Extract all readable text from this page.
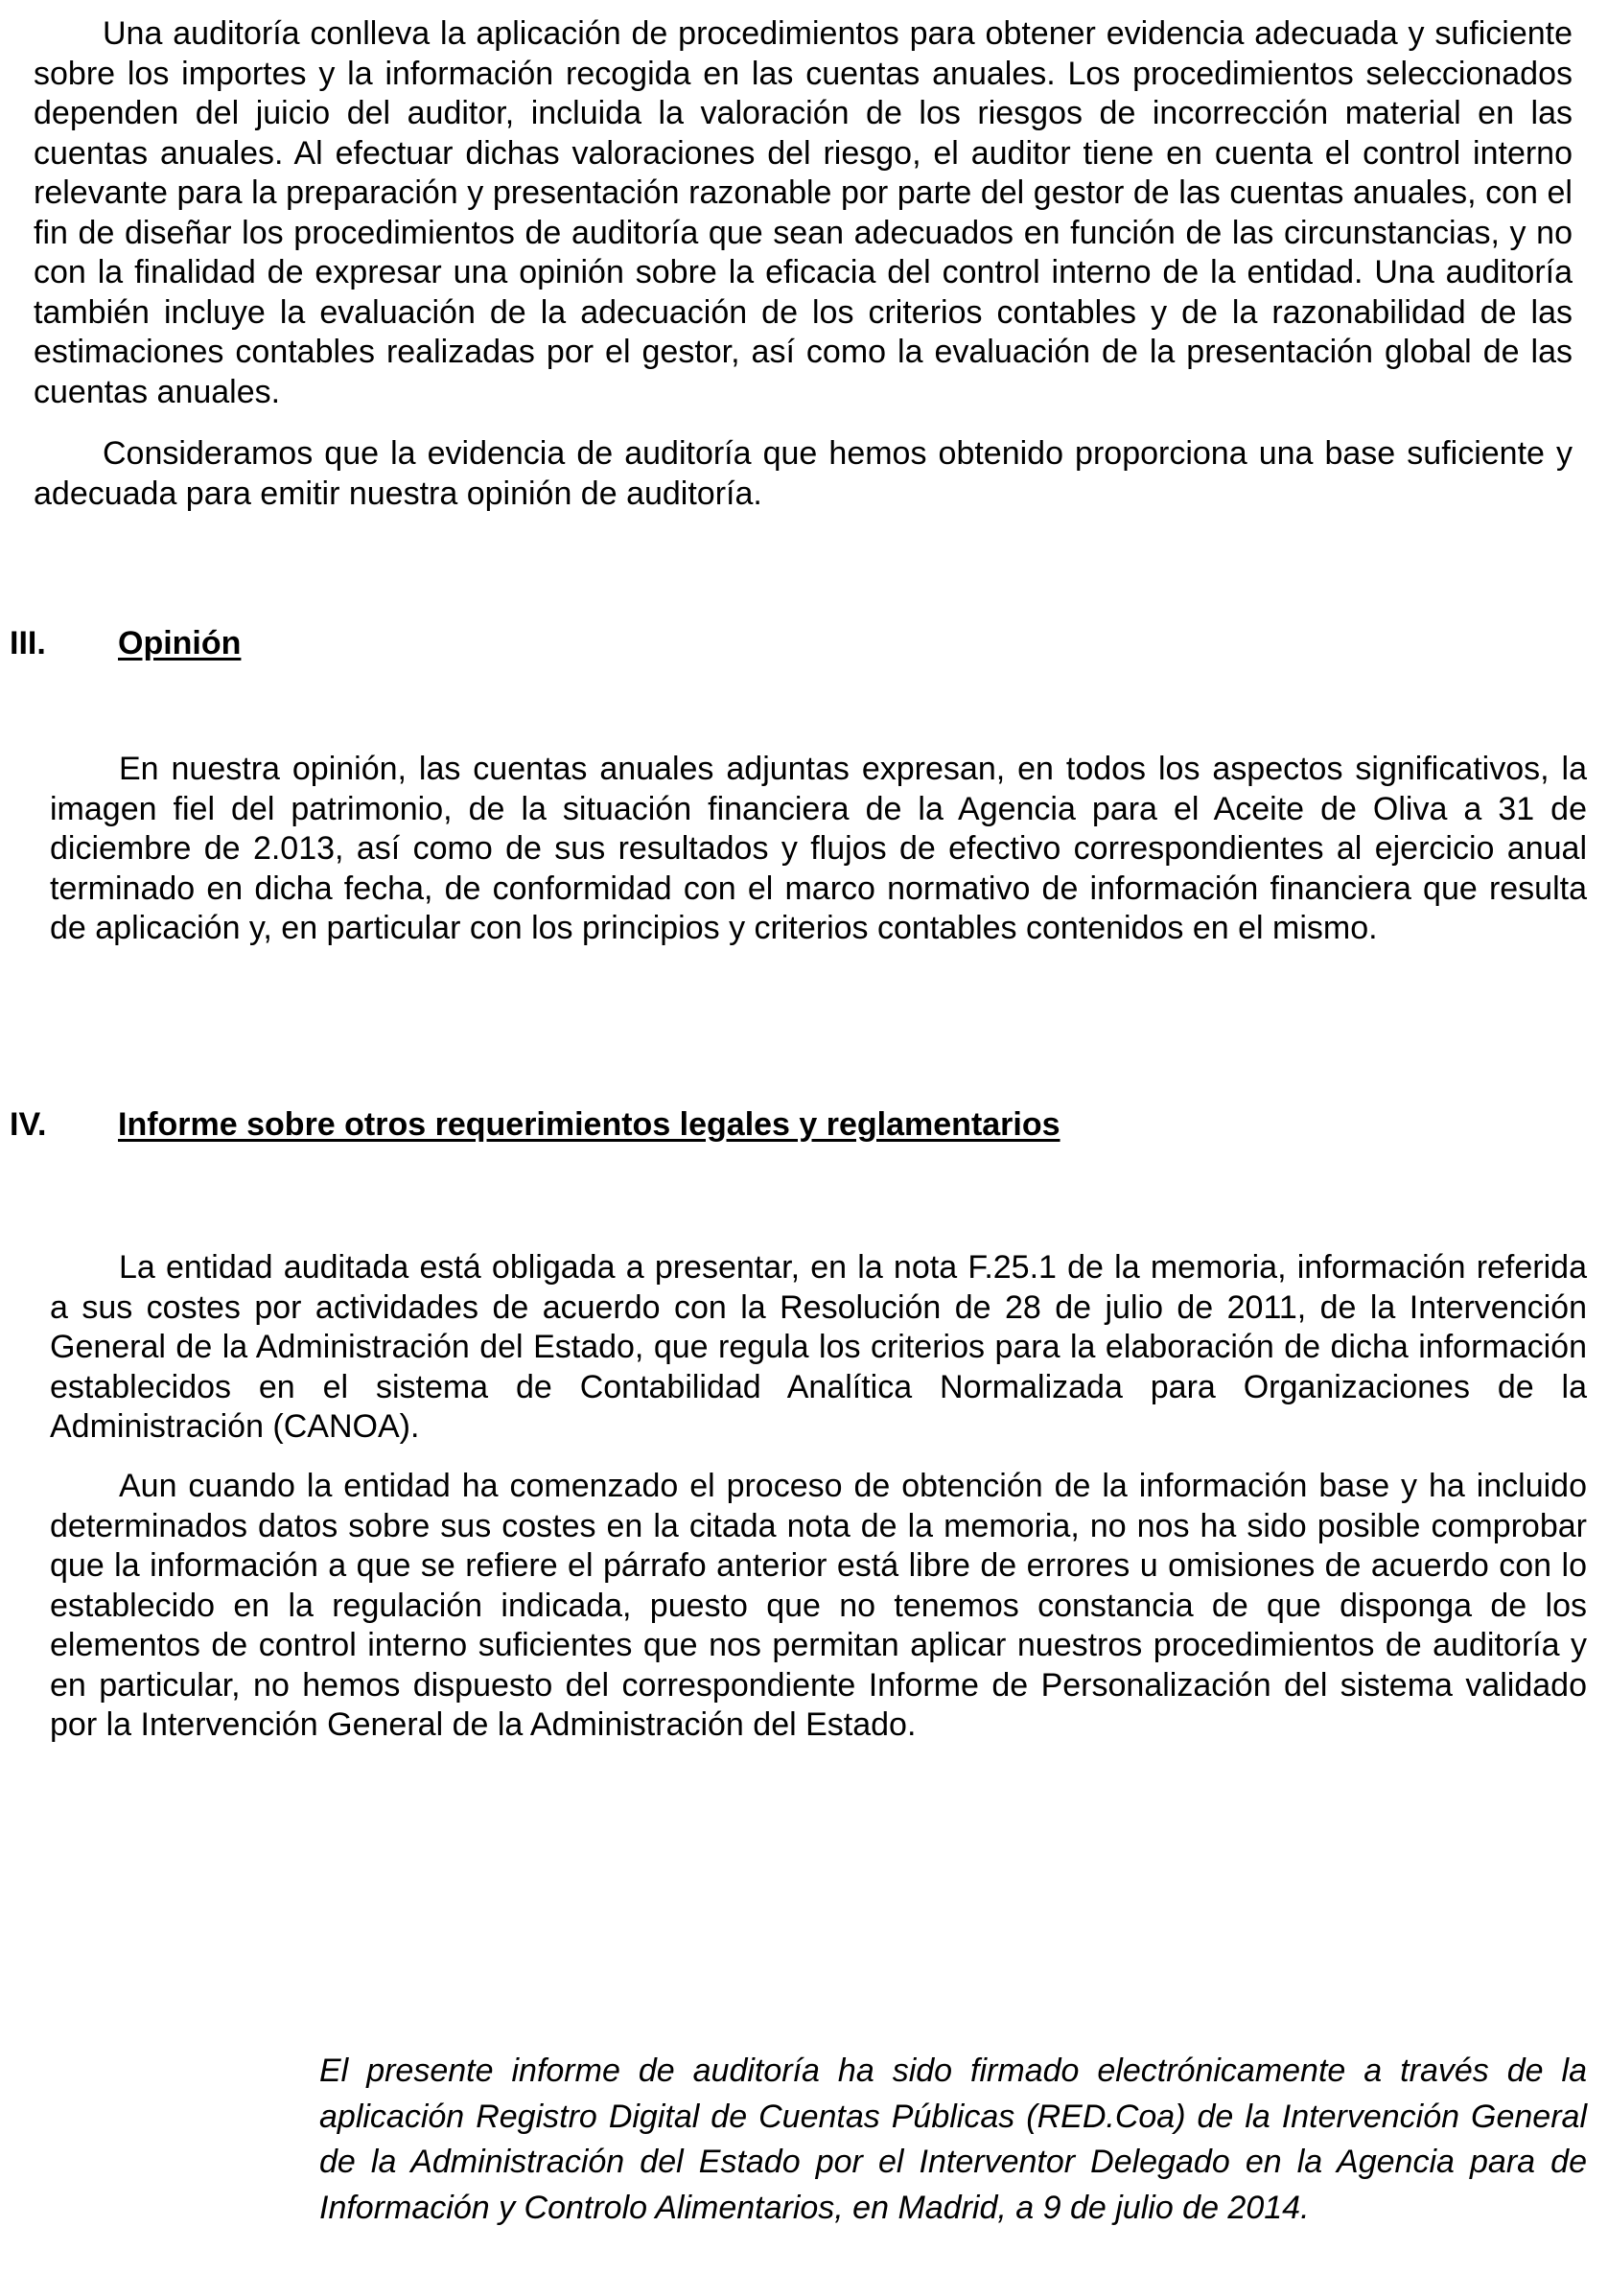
Una auditoría conlleva la aplicación de procedimientos para obtener evidencia adecuada y suficiente sobre los importes y la información recogida en las cuentas anuales. Los procedimientos seleccionados dependen del juicio del auditor, incluida la valoración de los riesgos de incorrección material en las cuentas anuales. Al efectuar dichas valoraciones del riesgo, el auditor tiene en cuenta el control interno relevante para la preparación y presentación razonable por parte del gestor de las cuentas anuales, con el fin de diseñar los procedimientos de auditoría que sean adecuados en función de las circunstancias, y no con la finalidad de expresar una opinión sobre la eficacia del control interno de la entidad. Una auditoría también incluye la evaluación de la adecuación de los criterios contables y de la razonabilidad de las estimaciones contables realizadas por el gestor, así como la evaluación de la presentación global de las cuentas anuales.

Consideramos que la evidencia de auditoría que hemos obtenido proporciona una base suficiente y adecuada para emitir nuestra opinión de auditoría.

III. Opinión

En nuestra opinión, las cuentas anuales adjuntas expresan, en todos los aspectos significativos, la imagen fiel del patrimonio, de la situación financiera de la Agencia para el Aceite de Oliva a 31 de diciembre de 2.013, así como de sus resultados y flujos de efectivo correspondientes al ejercicio anual terminado en dicha fecha, de conformidad con el marco normativo de información financiera que resulta de aplicación y, en particular con los principios y criterios contables contenidos en el mismo.

IV. Informe sobre otros requerimientos legales y reglamentarios

La entidad auditada está obligada a presentar, en la nota F.25.1 de la memoria, información referida a sus costes por actividades de acuerdo con la Resolución de 28 de julio de 2011, de la Intervención General de la Administración del Estado, que regula los criterios para la elaboración de dicha información establecidos en el sistema de Contabilidad Analítica Normalizada para Organizaciones de la Administración (CANOA).

Aun cuando la entidad ha comenzado el proceso de obtención de la información base y ha incluido determinados datos sobre sus costes en la citada nota de la memoria, no nos ha sido posible comprobar que la información a que se refiere el párrafo anterior está libre de errores u omisiones de acuerdo con lo establecido en la regulación indicada, puesto que no tenemos constancia de que disponga de los elementos de control interno suficientes que nos permitan aplicar nuestros procedimientos de auditoría y en particular, no hemos dispuesto del correspondiente Informe de Personalización del sistema validado por la Intervención General de la Administración del Estado.

El presente informe de auditoría ha sido firmado electrónicamente a través de la aplicación Registro Digital de Cuentas Públicas (RED.Coa) de la Intervención General de la Administración del Estado por el Interventor Delegado en la Agencia para de Información y Controlo Alimentarios, en Madrid, a 9 de julio de 2014.
